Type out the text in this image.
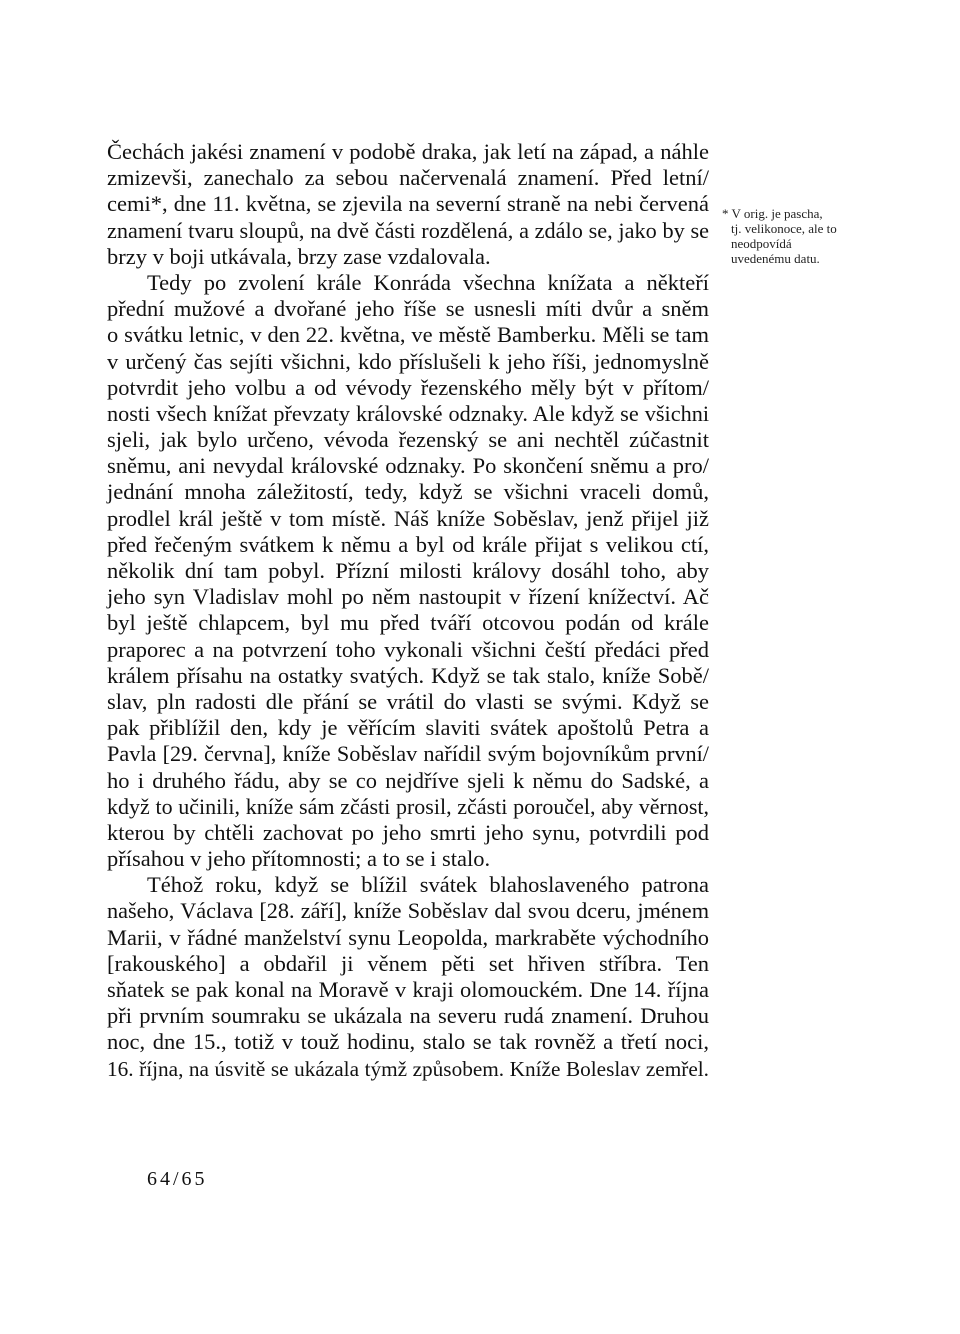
Čechách jakési znamení v podobě draka, jak letí na západ, a náhle
zmizevši, zanechalo za sebou načervenalá znamení. Před letní/
cemi*, dne 11. května, se zjevila na severní straně na nebi červená
znamení tvaru sloupů, na dvě části rozdělená, a zdálo se, jako by se
brzy v boji utkávala, brzy zase vzdalovala.
Tedy po zvolení krále Konráda všechna knížata a někteří
přední mužové a dvořané jeho říše se usnesli míti dvůr a sněm
o svátku letnic, v den 22. května, ve městě Bamberku. Měli se tam
v určený čas sejíti všichni, kdo příslušeli k jeho říši, jednomyslně
potvrdit jeho volbu a od vévody řezenského měly být v přítom/
nosti všech knížat převzaty královské odznaky. Ale když se všichni
sjeli, jak bylo určeno, vévoda řezenský se ani nechtěl zúčastnit
sněmu, ani nevydal královské odznaky. Po skončení sněmu a pro/
jednání mnoha záležitostí, tedy, když se všichni vraceli domů,
prodlel král ještě v tom místě. Náš kníže Soběslav, jenž přijel již
před řečeným svátkem k němu a byl od krále přijat s velikou ctí,
několik dní tam pobyl. Přízní milosti královy dosáhl toho, aby
jeho syn Vladislav mohl po něm nastoupit v řízení knížectví. Ač
byl ještě chlapcem, byl mu před tváří otcovou podán od krále
praporec a na potvrzení toho vykonali všichni čeští předáci před
králem přísahu na ostatky svatých. Když se tak stalo, kníže Sobě/
slav, pln radosti dle přání se vrátil do vlasti se svými. Když se
pak přiblížil den, kdy je věřícím slaviti svátek apoštolů Petra a
Pavla [29. června], kníže Soběslav nařídil svým bojovníkům první/
ho i druhého řádu, aby se co nejdříve sjeli k němu do Sadské, a
když to učinili, kníže sám zčásti prosil, zčásti poroučel, aby věrnost,
kterou by chtěli zachovat po jeho smrti jeho synu, potvrdili pod
přísahou v jeho přítomnosti; a to se i stalo.
Téhož roku, když se blížil svátek blahoslaveného patrona
našeho, Václava [28. září], kníže Soběslav dal svou dceru, jménem
Marii, v řádné manželství synu Leopolda, markraběte východního
[rakouského] a obdařil ji věnem pěti set hřiven stříbra. Ten
sňatek se pak konal na Moravě v kraji olomouckém. Dne 14. října
při prvním soumraku se ukázala na severu rudá znamení. Druhou
noc, dne 15., totiž v touž hodinu, stalo se tak rovněž a třetí noci,
16. října, na úsvitě se ukázala týmž způsobem. Kníže Boleslav zemřel.
* V orig. je pascha,
tj. velikonoce, ale to
neodpovídá
uvedenému datu.
64/65
